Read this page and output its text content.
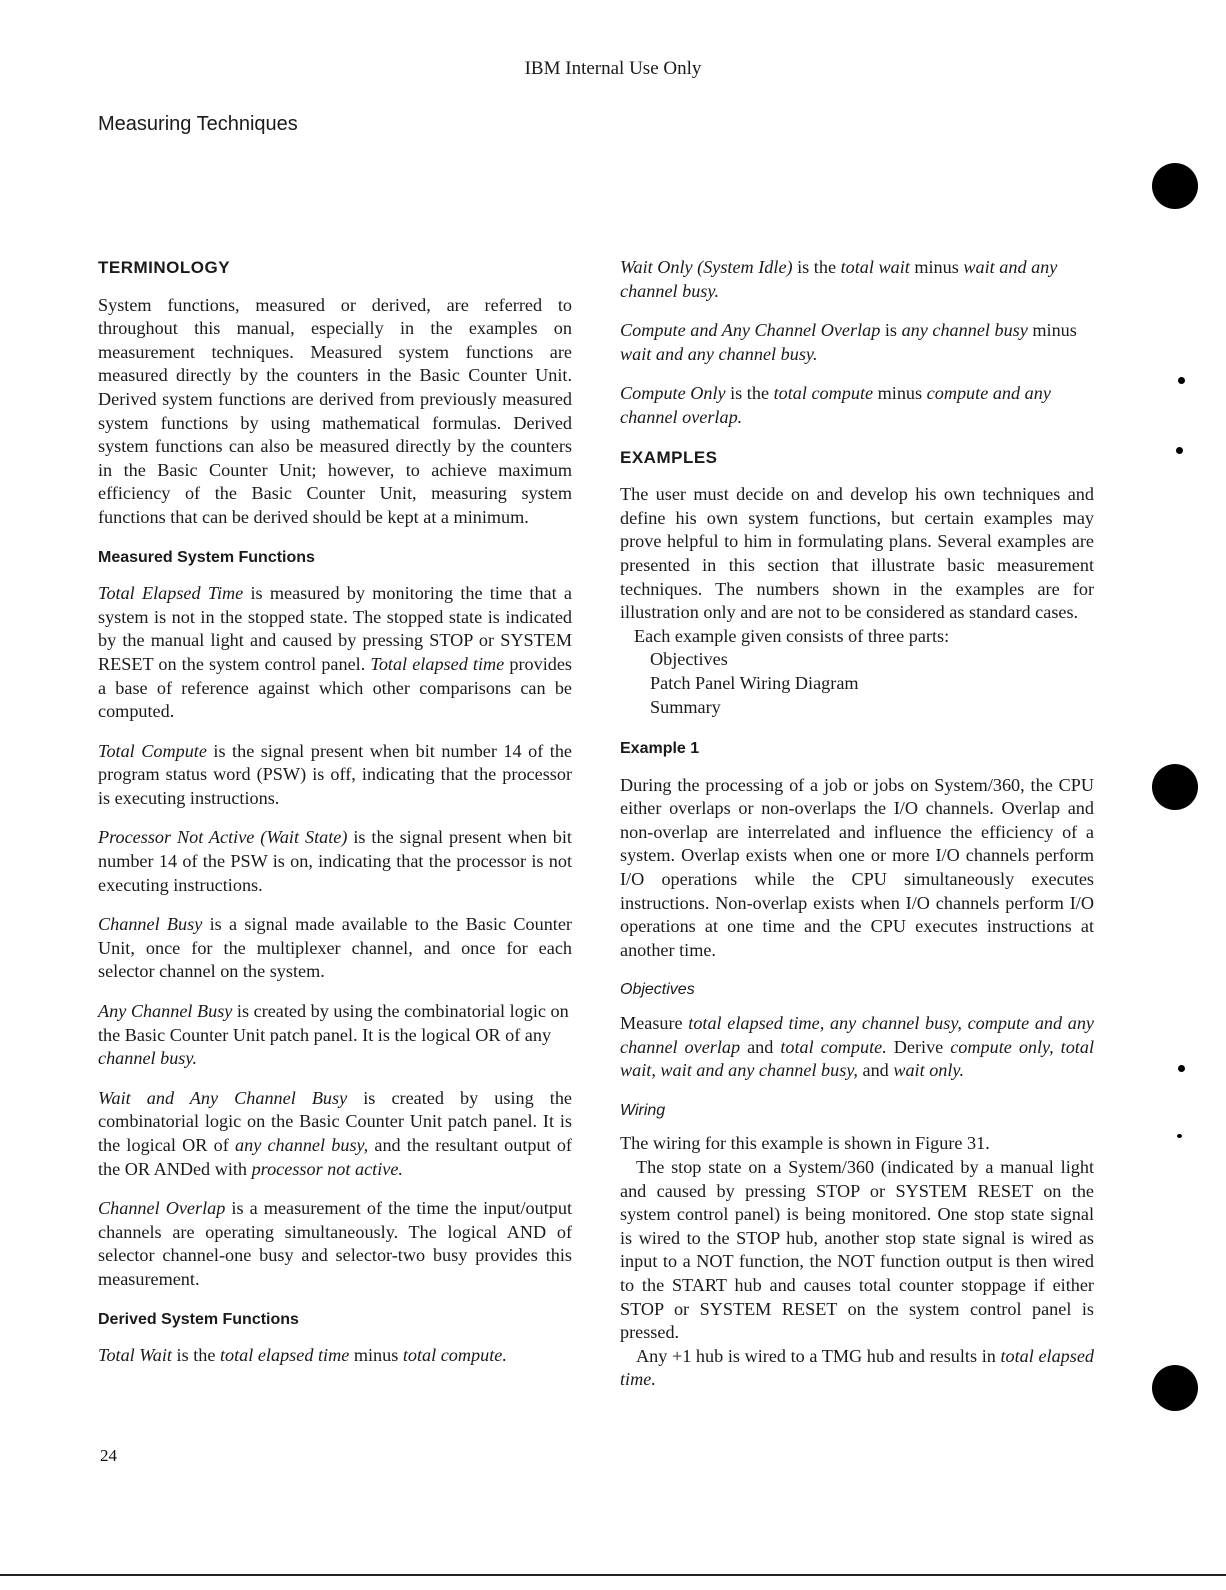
IBM Internal Use Only
Measuring Techniques
TERMINOLOGY

System functions, measured or derived, are referred to throughout this manual, especially in the examples on measurement techniques. Measured system functions are measured directly by the counters in the Basic Counter Unit. Derived system functions are derived from previously measured system functions by using mathematical formulas. Derived system functions can also be measured directly by the counters in the Basic Counter Unit; however, to achieve maximum efficiency of the Basic Counter Unit, measuring system functions that can be derived should be kept at a minimum.

Measured System Functions

Total Elapsed Time is measured by monitoring the time that a system is not in the stopped state. The stopped state is indicated by the manual light and caused by pressing STOP or SYSTEM RESET on the system control panel. Total elapsed time provides a base of reference against which other comparisons can be computed.

Total Compute is the signal present when bit number 14 of the program status word (PSW) is off, indicating that the processor is executing instructions.

Processor Not Active (Wait State) is the signal present when bit number 14 of the PSW is on, indicating that the processor is not executing instructions.

Channel Busy is a signal made available to the Basic Counter Unit, once for the multiplexer channel, and once for each selector channel on the system.

Any Channel Busy is created by using the combinatorial logic on the Basic Counter Unit patch panel. It is the logical OR of any channel busy.

Wait and Any Channel Busy is created by using the combinatorial logic on the Basic Counter Unit patch panel. It is the logical OR of any channel busy, and the resultant output of the OR ANDed with processor not active.

Channel Overlap is a measurement of the time the input/output channels are operating simultaneously. The logical AND of selector channel-one busy and selector-two busy provides this measurement.

Derived System Functions

Total Wait is the total elapsed time minus total compute.

Wait Only (System Idle) is the total wait minus wait and any channel busy.

Compute and Any Channel Overlap is any channel busy minus wait and any channel busy.

Compute Only is the total compute minus compute and any channel overlap.

EXAMPLES

The user must decide on and develop his own techniques and define his own system functions, but certain examples may prove helpful to him in formulating plans. Several examples are presented in this section that illustrate basic measurement techniques. The numbers shown in the examples are for illustration only and are not to be considered as standard cases.

Each example given consists of three parts:

Objectives
Patch Panel Wiring Diagram
Summary
Example 1

During the processing of a job or jobs on System/360, the CPU either overlaps or non-overlaps the I/O channels. Overlap and non-overlap are interrelated and influence the efficiency of a system. Overlap exists when one or more I/O channels perform I/O operations while the CPU simultaneously executes instructions. Non-overlap exists when I/O channels perform I/O operations at one time and the CPU executes instructions at another time.

Objectives

Measure total elapsed time, any channel busy, compute and any channel overlap and total compute. Derive compute only, total wait, wait and any channel busy, and wait only.

Wiring

The wiring for this example is shown in Figure 31.

The stop state on a System/360 (indicated by a manual light and caused by pressing STOP or SYSTEM RESET on the system control panel) is being monitored. One stop state signal is wired to the STOP hub, another stop state signal is wired as input to a NOT function, the NOT function output is then wired to the START hub and causes total counter stoppage if either STOP or SYSTEM RESET on the system control panel is pressed.

Any +1 hub is wired to a TMG hub and results in total elapsed time.

24
